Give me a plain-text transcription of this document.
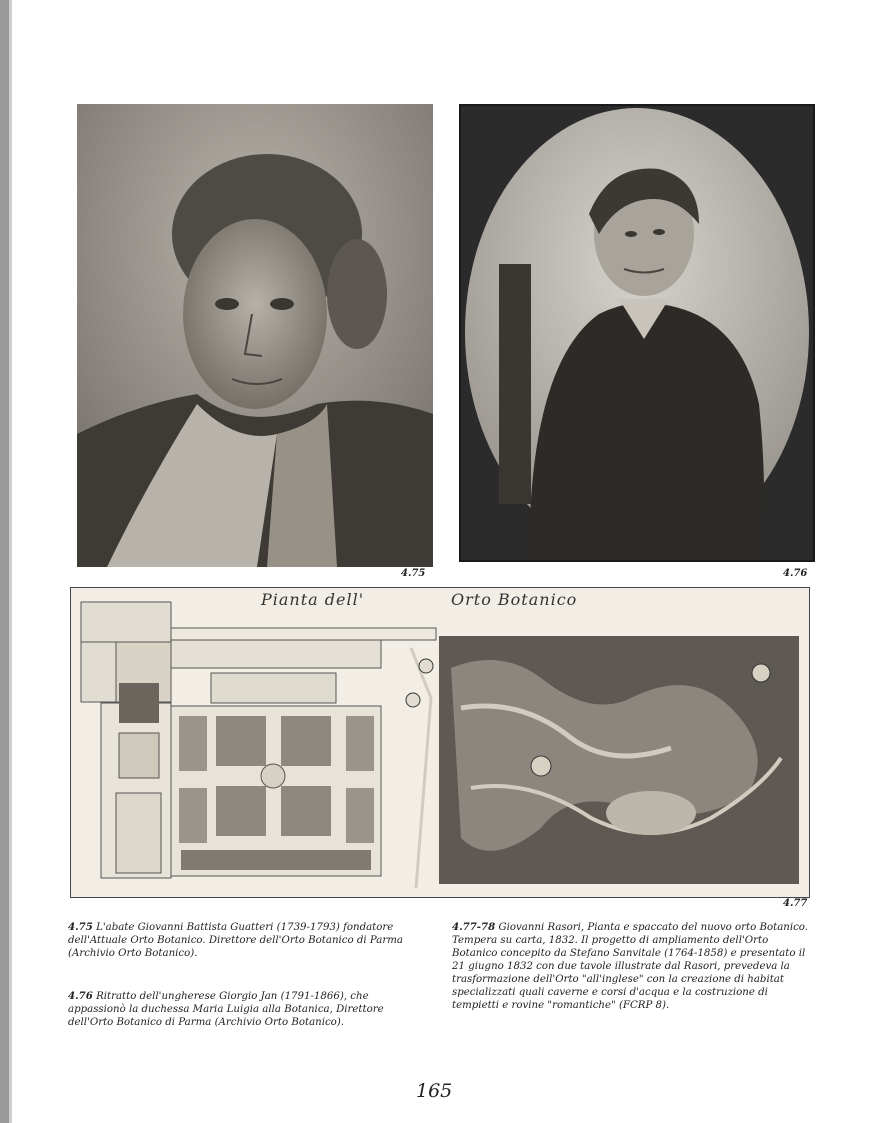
4.75	4.76
Pianta dell'	Orto Botanico
4.77
4.75 L'abate Giovanni Battista Guatteri (1739-1793) fondatore dell'Attuale Orto Botanico. Direttore dell'Orto Botanico di Parma (Archivio Orto Botanico).
4.76 Ritratto dell'ungherese Giorgio Jan (1791-1866), che appassionò la duchessa Maria Luigia alla Botanica, Direttore dell'Orto Botanico di Parma (Archivio Orto Botanico).
4.77-78 Giovanni Rasori, Pianta e spaccato del nuovo orto Botanico. Tempera su carta, 1832. Il progetto di ampliamento dell'Orto Botanico concepito da Stefano Sanvitale (1764-1858) e presentato il 21 giugno 1832 con due tavole illustrate dal Rasori, prevedeva la trasformazione dell'Orto "all'inglese" con la creazione di habitat specializzati quali caverne e corsi d'acqua e la costruzione di tempietti e rovine "romantiche" (FCRP 8).
165
